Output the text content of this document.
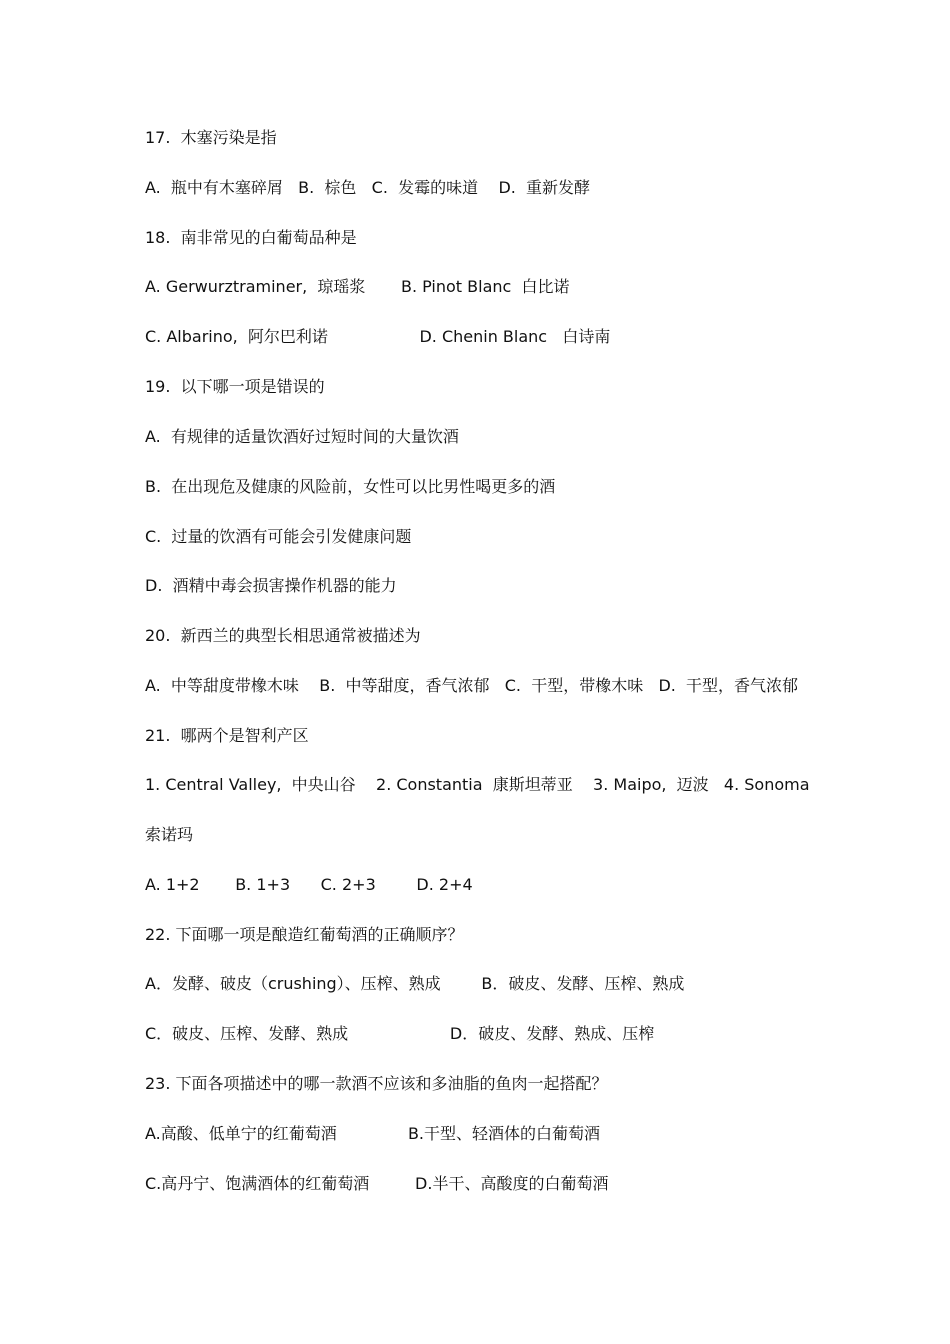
17.  木塞污染是指
A.  瓶中有木塞碎屑   B.  棕色   C.  发霉的味道    D.  重新发酵
18.  南非常见的白葡萄品种是
A. Gerwurztraminer,  琼瑶浆       B. Pinot Blanc  白比诺
C. Albarino,  阿尔巴利诺                  D. Chenin Blanc   白诗南
19.  以下哪一项是错误的
A.  有规律的适量饮酒好过短时间的大量饮酒
B.  在出现危及健康的风险前，女性可以比男性喝更多的酒
C.  过量的饮酒有可能会引发健康问题
D.  酒精中毒会损害操作机器的能力
20.  新西兰的典型长相思通常被描述为
A.  中等甜度带橡木味    B.  中等甜度，香气浓郁   C.  干型，带橡木味   D.  干型，香气浓郁
21.  哪两个是智利产区
1. Central Valley,  中央山谷    2. Constantia  康斯坦蒂亚    3. Maipo,  迈波   4. Sonoma
索诺玛
A. 1+2       B. 1+3      C. 2+3        D. 2+4
22. 下面哪一项是酿造红葡萄酒的正确顺序？
A．发酵、破皮（crushing）、压榨、熟成        B．破皮、发酵、压榨、熟成
C．破皮、压榨、发酵、熟成                    D．破皮、发酵、熟成、压榨
23. 下面各项描述中的哪一款酒不应该和多油脂的鱼肉一起搭配？
A.高酸、低单宁的红葡萄酒              B.干型、轻酒体的白葡萄酒
C.高丹宁、饱满酒体的红葡萄酒         D.半干、高酸度的白葡萄酒
